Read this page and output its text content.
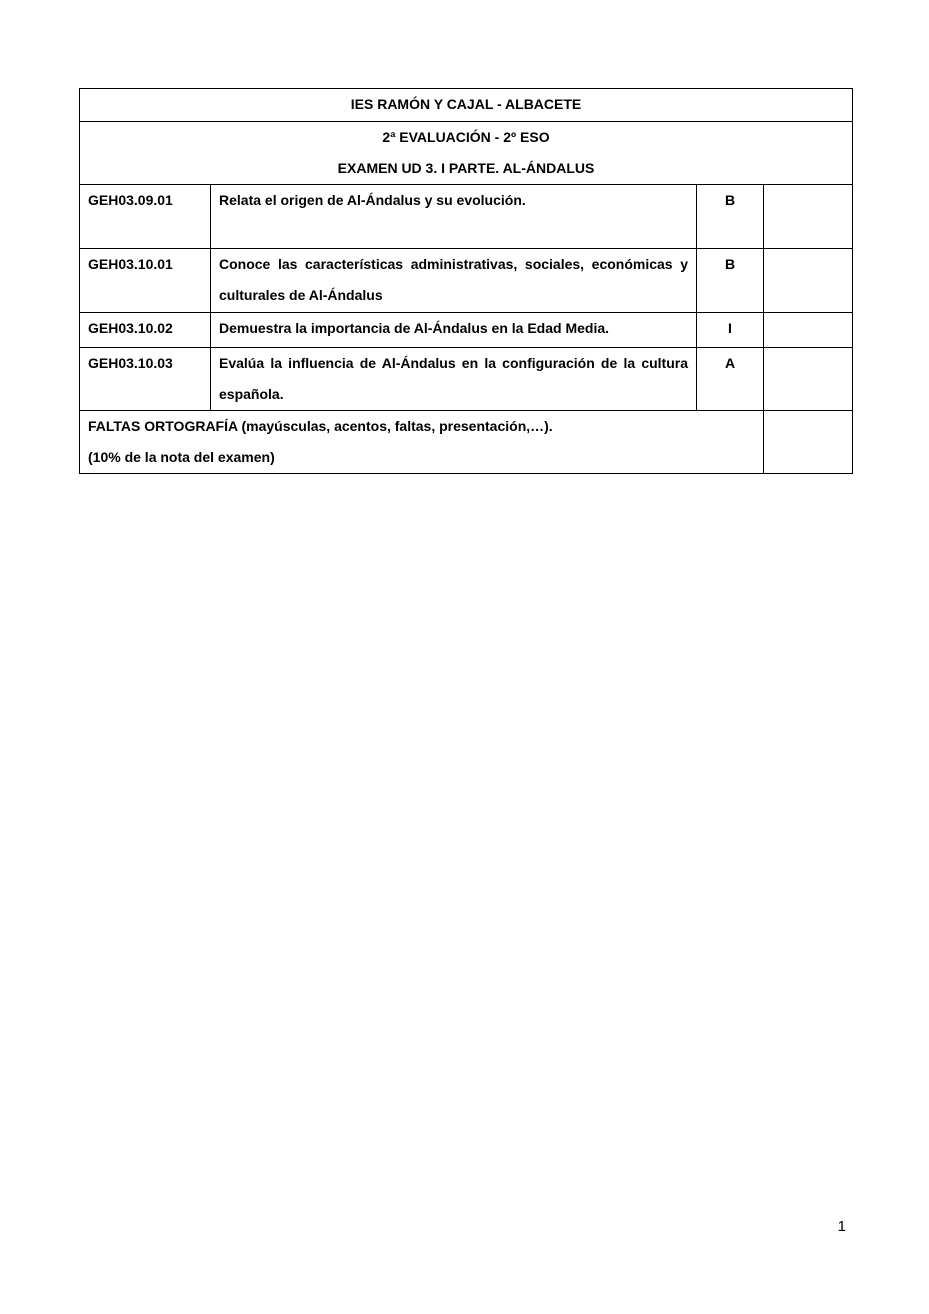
IES RAMÓN Y CAJAL - ALBACETE			

2ª EVALUACIÓN - 2º ESO
EXAMEN UD 3. I PARTE. AL-ÁNDALUS			

GEH03.09.01	Relata el origen de Al-Ándalus y su evolución.	B	
GEH03.10.01	Conoce las características administrativas, sociales, económicas y culturales de Al-Ándalus	B	
GEH03.10.02	Demuestra la importancia de Al-Ándalus en la Edad Media.	I	
GEH03.10.03	Evalúa la influencia de Al-Ándalus en la configuración de la cultura española.	A	

FALTAS ORTOGRAFÍA (mayúsculas, acentos, faltas, presentación,…).
(10% de la nota del examen)			

1
